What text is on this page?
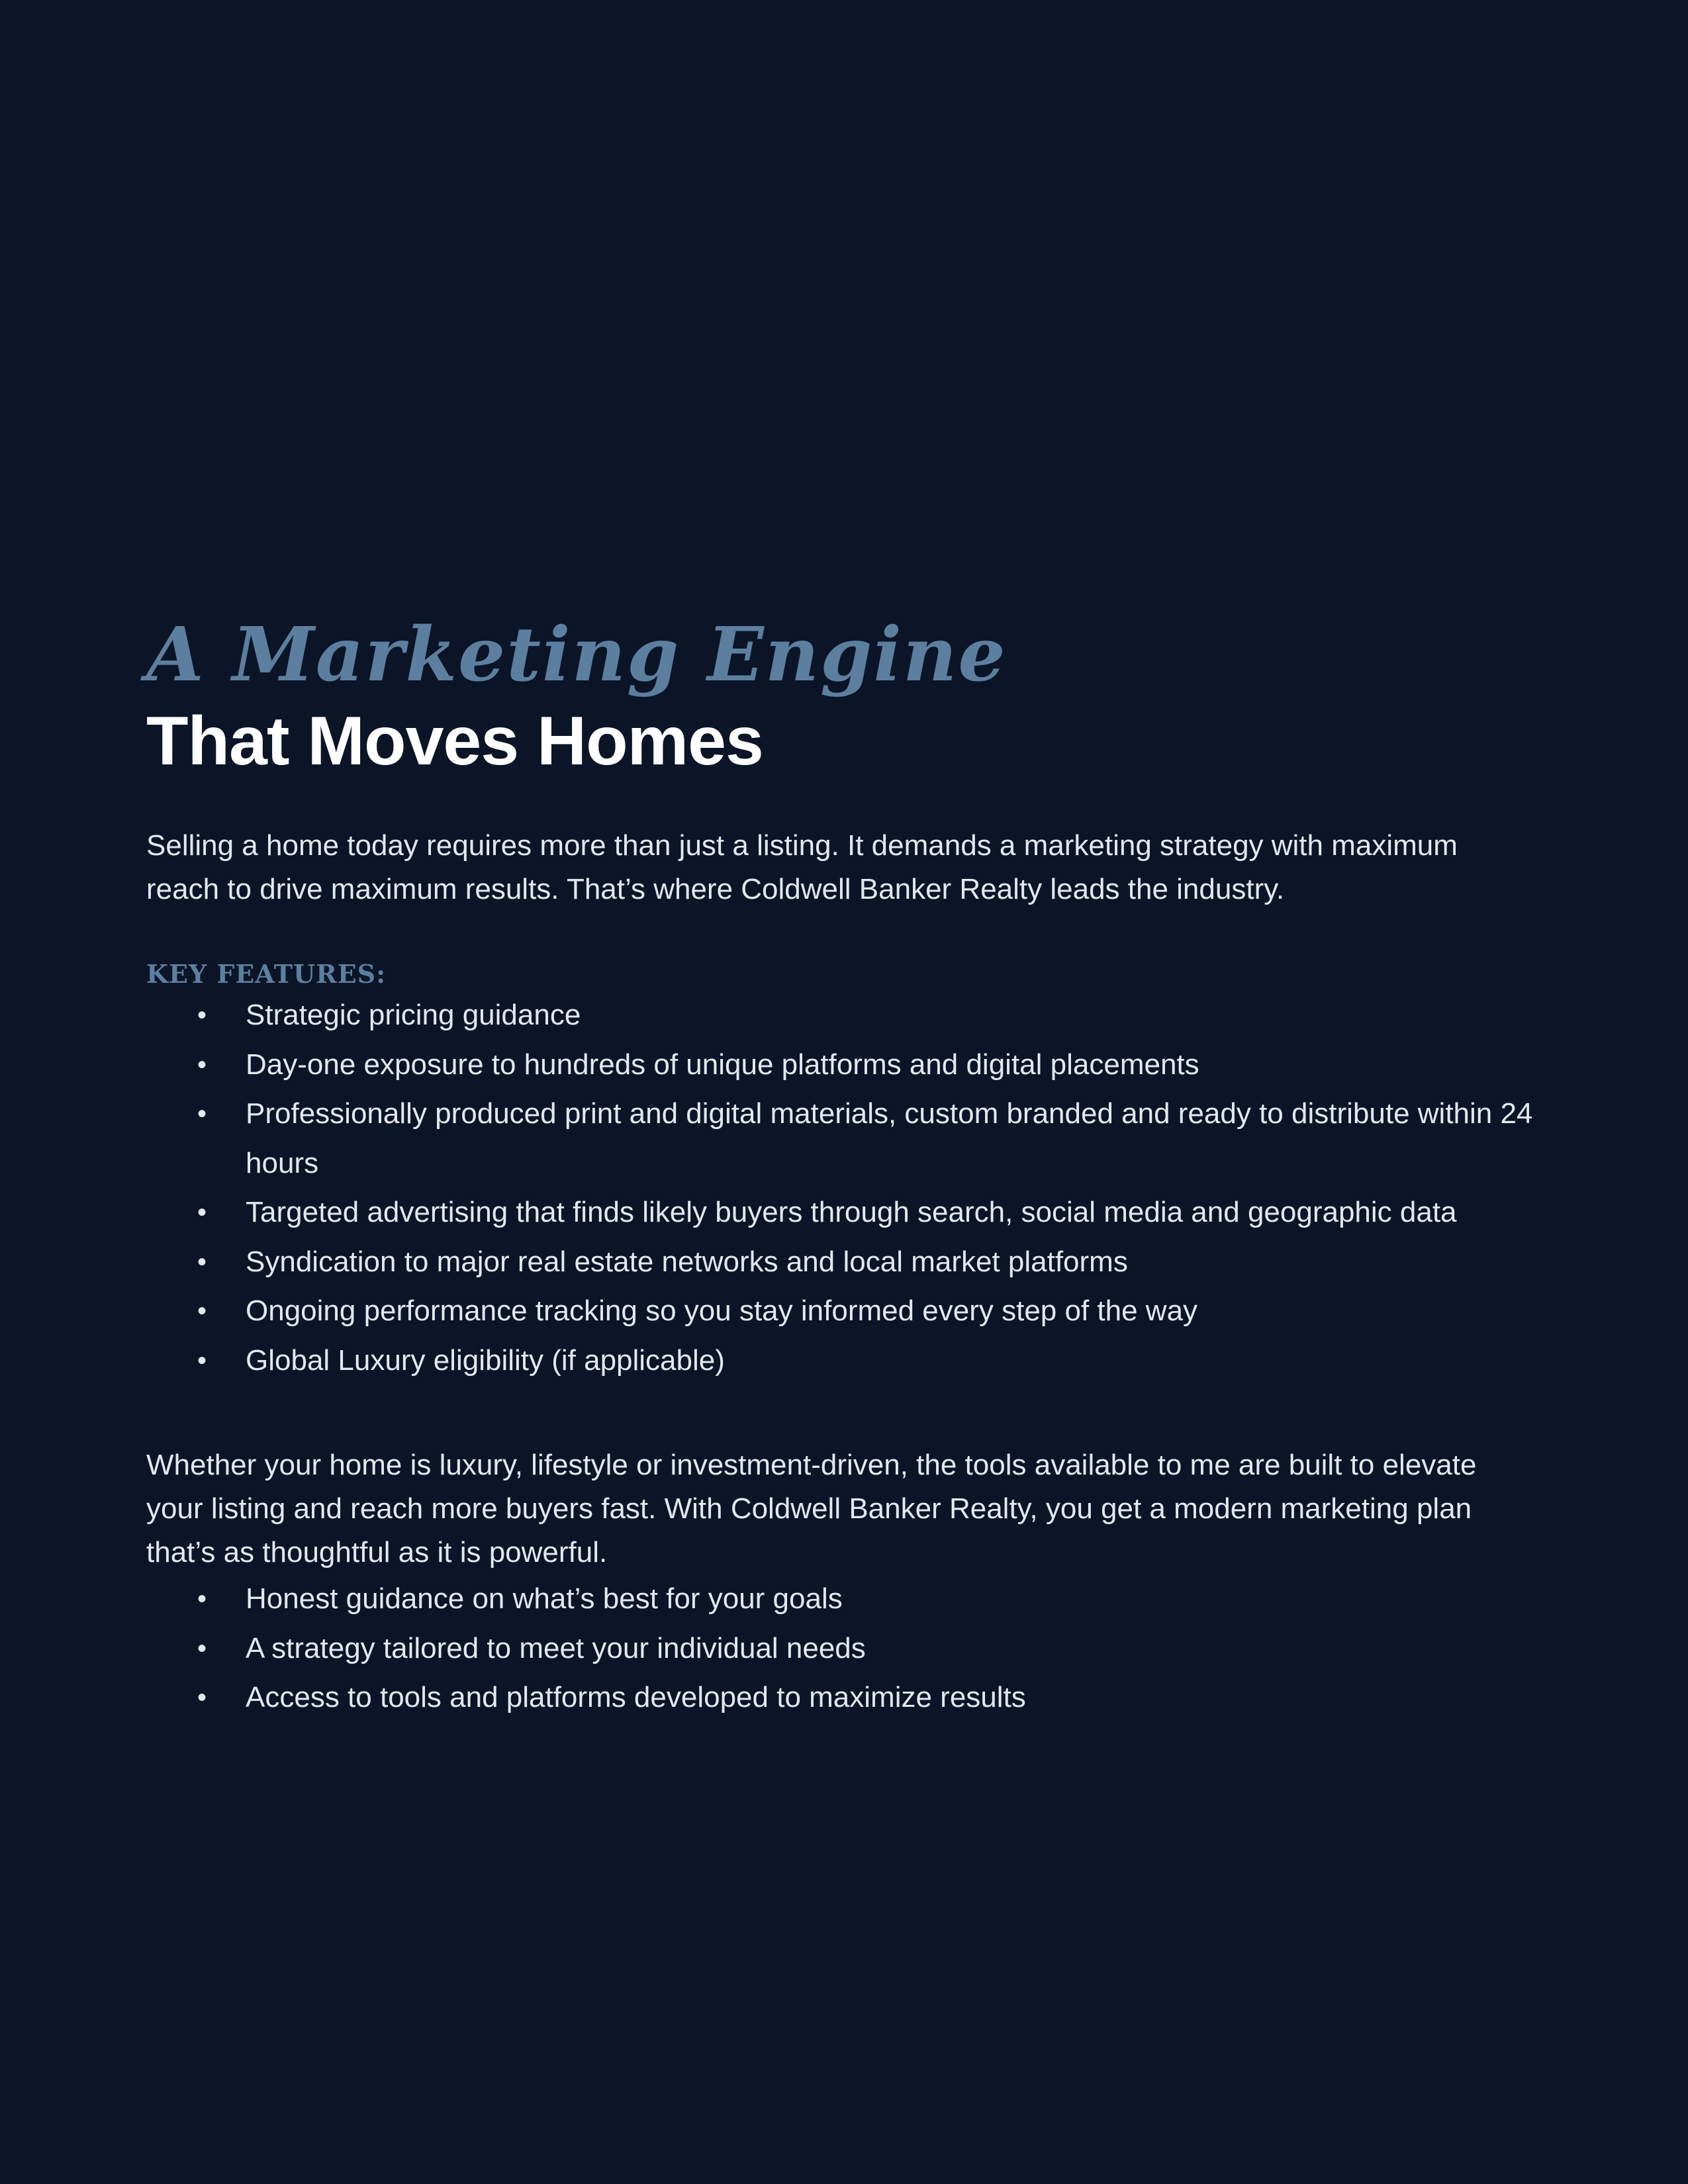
A Marketing Engine
That Moves Homes

Selling a home today requires more than just a listing. It demands a marketing strategy with maximum reach to drive maximum results. That’s where Coldwell Banker Realty leads the industry.

KEY FEATURES:
• Strategic pricing guidance
• Day-one exposure to hundreds of unique platforms and digital placements
• Professionally produced print and digital materials, custom branded and ready to distribute within 24 hours
• Targeted advertising that finds likely buyers through search, social media and geographic data
• Syndication to major real estate networks and local market platforms
• Ongoing performance tracking so you stay informed every step of the way
• Global Luxury eligibility (if applicable)

Whether your home is luxury, lifestyle or investment-driven, the tools available to me are built to elevate your listing and reach more buyers fast. With Coldwell Banker Realty, you get a modern marketing plan that’s as thoughtful as it is powerful.

• Honest guidance on what’s best for your goals
• A strategy tailored to meet your individual needs
• Access to tools and platforms developed to maximize results
